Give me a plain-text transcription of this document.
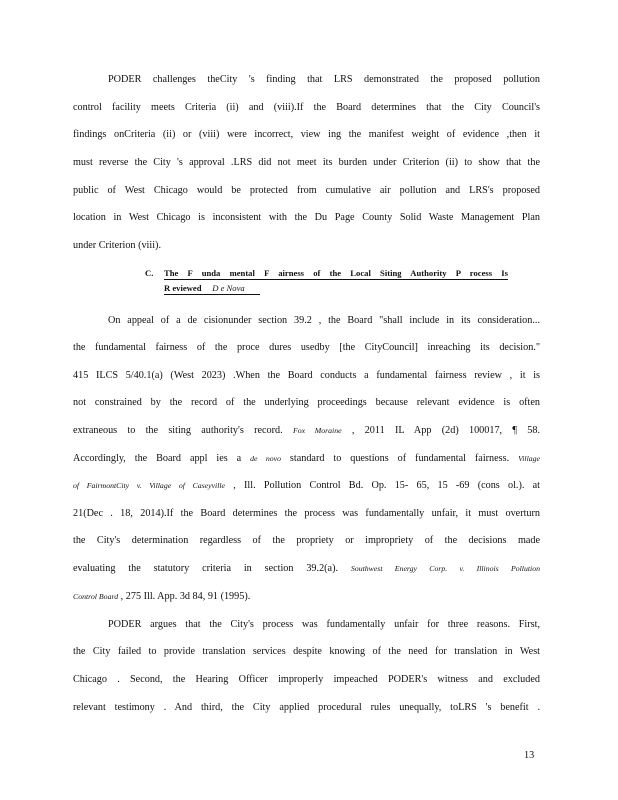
PODER challenges theCity 's finding that LRS demonstrated the proposed pollution
control facility meets Criteria (ii) and (viii).If the Board determines that the City Council's
findings onCriteria (ii) or (viii) were incorrect, view ing the manifest weight of evidence ,then it
must reverse the City 's approval .LRS did not meet its burden under Criterion (ii) to show that the
public of West Chicago would be protected from cumulative air pollution and LRS's proposed
location in West Chicago is inconsistent with the Du Page County Solid Waste Management Plan
under Criterion (viii).
C.	The F unda mental F airness of the Local Siting Authority P rocess Is
R eviewed D e Nova
On appeal of a de cisionunder section 39.2 , the Board "shall include in its consideration...
the fundamental fairness of the proce dures usedby [the CityCouncil] inreaching its decision."
415 ILCS 5/40.1(a) (West 2023) .When the Board conducts a fundamental fairness review , it is
not constrained by the record of the underlying proceedings because relevant evidence is often
extraneous to the siting authority's record. Fox Moraine , 2011 IL App (2d) 100017, ¶ 58.
Accordingly, the Board appl ies a de novo standard to questions of fundamental fairness. Village
of FairmontCity v. Village of Caseyville , Ill. Pollution Control Bd. Op. 15- 65, 15 -69 (cons ol.). at
21(Dec . 18, 2014).If the Board determines the process was fundamentally unfair, it must overturn
the City's determination regardless of the propriety or impropriety of the decisions made
evaluating the statutory criteria in section 39.2(a). Southwest Energy Corp. v. Illinois Pollution
Control Board , 275 Ill. App. 3d 84, 91 (1995).
PODER argues that the City's process was fundamentally unfair for three reasons. First,
the City failed to provide translation services despite knowing of the need for translation in West
Chicago . Second, the Hearing Officer improperly impeached PODER's witness and excluded
relevant testimony . And third, the City applied procedural rules unequally, toLRS 's benefit .
13
